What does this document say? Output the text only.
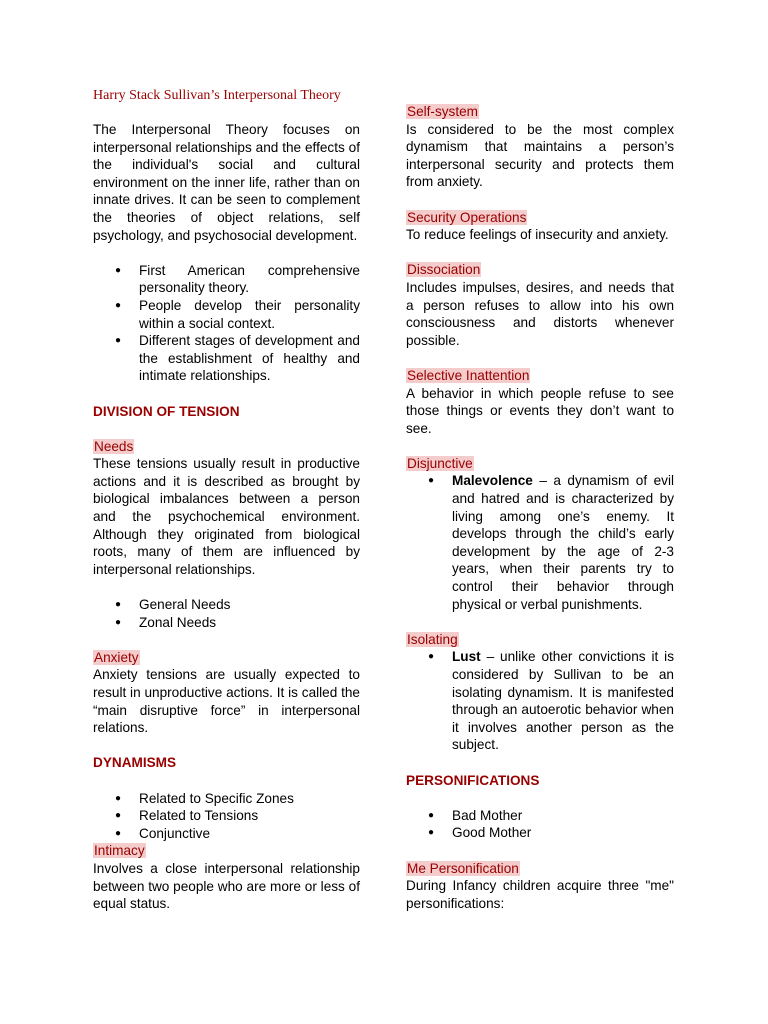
Harry Stack Sullivan’s Interpersonal Theory

The Interpersonal Theory focuses on interpersonal relationships and the effects of the individual's social and cultural environment on the inner life, rather than on innate drives. It can be seen to complement the theories of object relations, self psychology, and psychosocial development.

● First American comprehensive personality theory.
● People develop their personality within a social context.
● Different stages of development and the establishment of healthy and intimate relationships.

DIVISION OF TENSION

Needs

These tensions usually result in productive actions and it is described as brought by biological imbalances between a person and the psychochemical environment. Although they originated from biological roots, many of them are influenced by interpersonal relationships.

● General Needs
● Zonal Needs

Anxiety

Anxiety tensions are usually expected to result in unproductive actions. It is called the “main disruptive force” in interpersonal relations.

DYNAMISMS

● Related to Specific Zones
● Related to Tensions
● Conjunctive

Intimacy

Involves a close interpersonal relationship between two people who are more or less of equal status.

Self-system

Is considered to be the most complex dynamism that maintains a person’s interpersonal security and protects them from anxiety.

Security Operations

To reduce feelings of insecurity and anxiety.

Dissociation

Includes impulses, desires, and needs that a person refuses to allow into his own consciousness and distorts whenever possible.

Selective Inattention

A behavior in which people refuse to see those things or events they don’t want to see.

Disjunctive

● Malevolence – a dynamism of evil and hatred and is characterized by living among one’s enemy. It develops through the child’s early development by the age of 2-3 years, when their parents try to control their behavior through physical or verbal punishments.

Isolating

● Lust – unlike other convictions it is considered by Sullivan to be an isolating dynamism. It is manifested through an autoerotic behavior when it involves another person as the subject.

PERSONIFICATIONS

● Bad Mother
● Good Mother

Me Personification

During Infancy children acquire three "me" personifications:
